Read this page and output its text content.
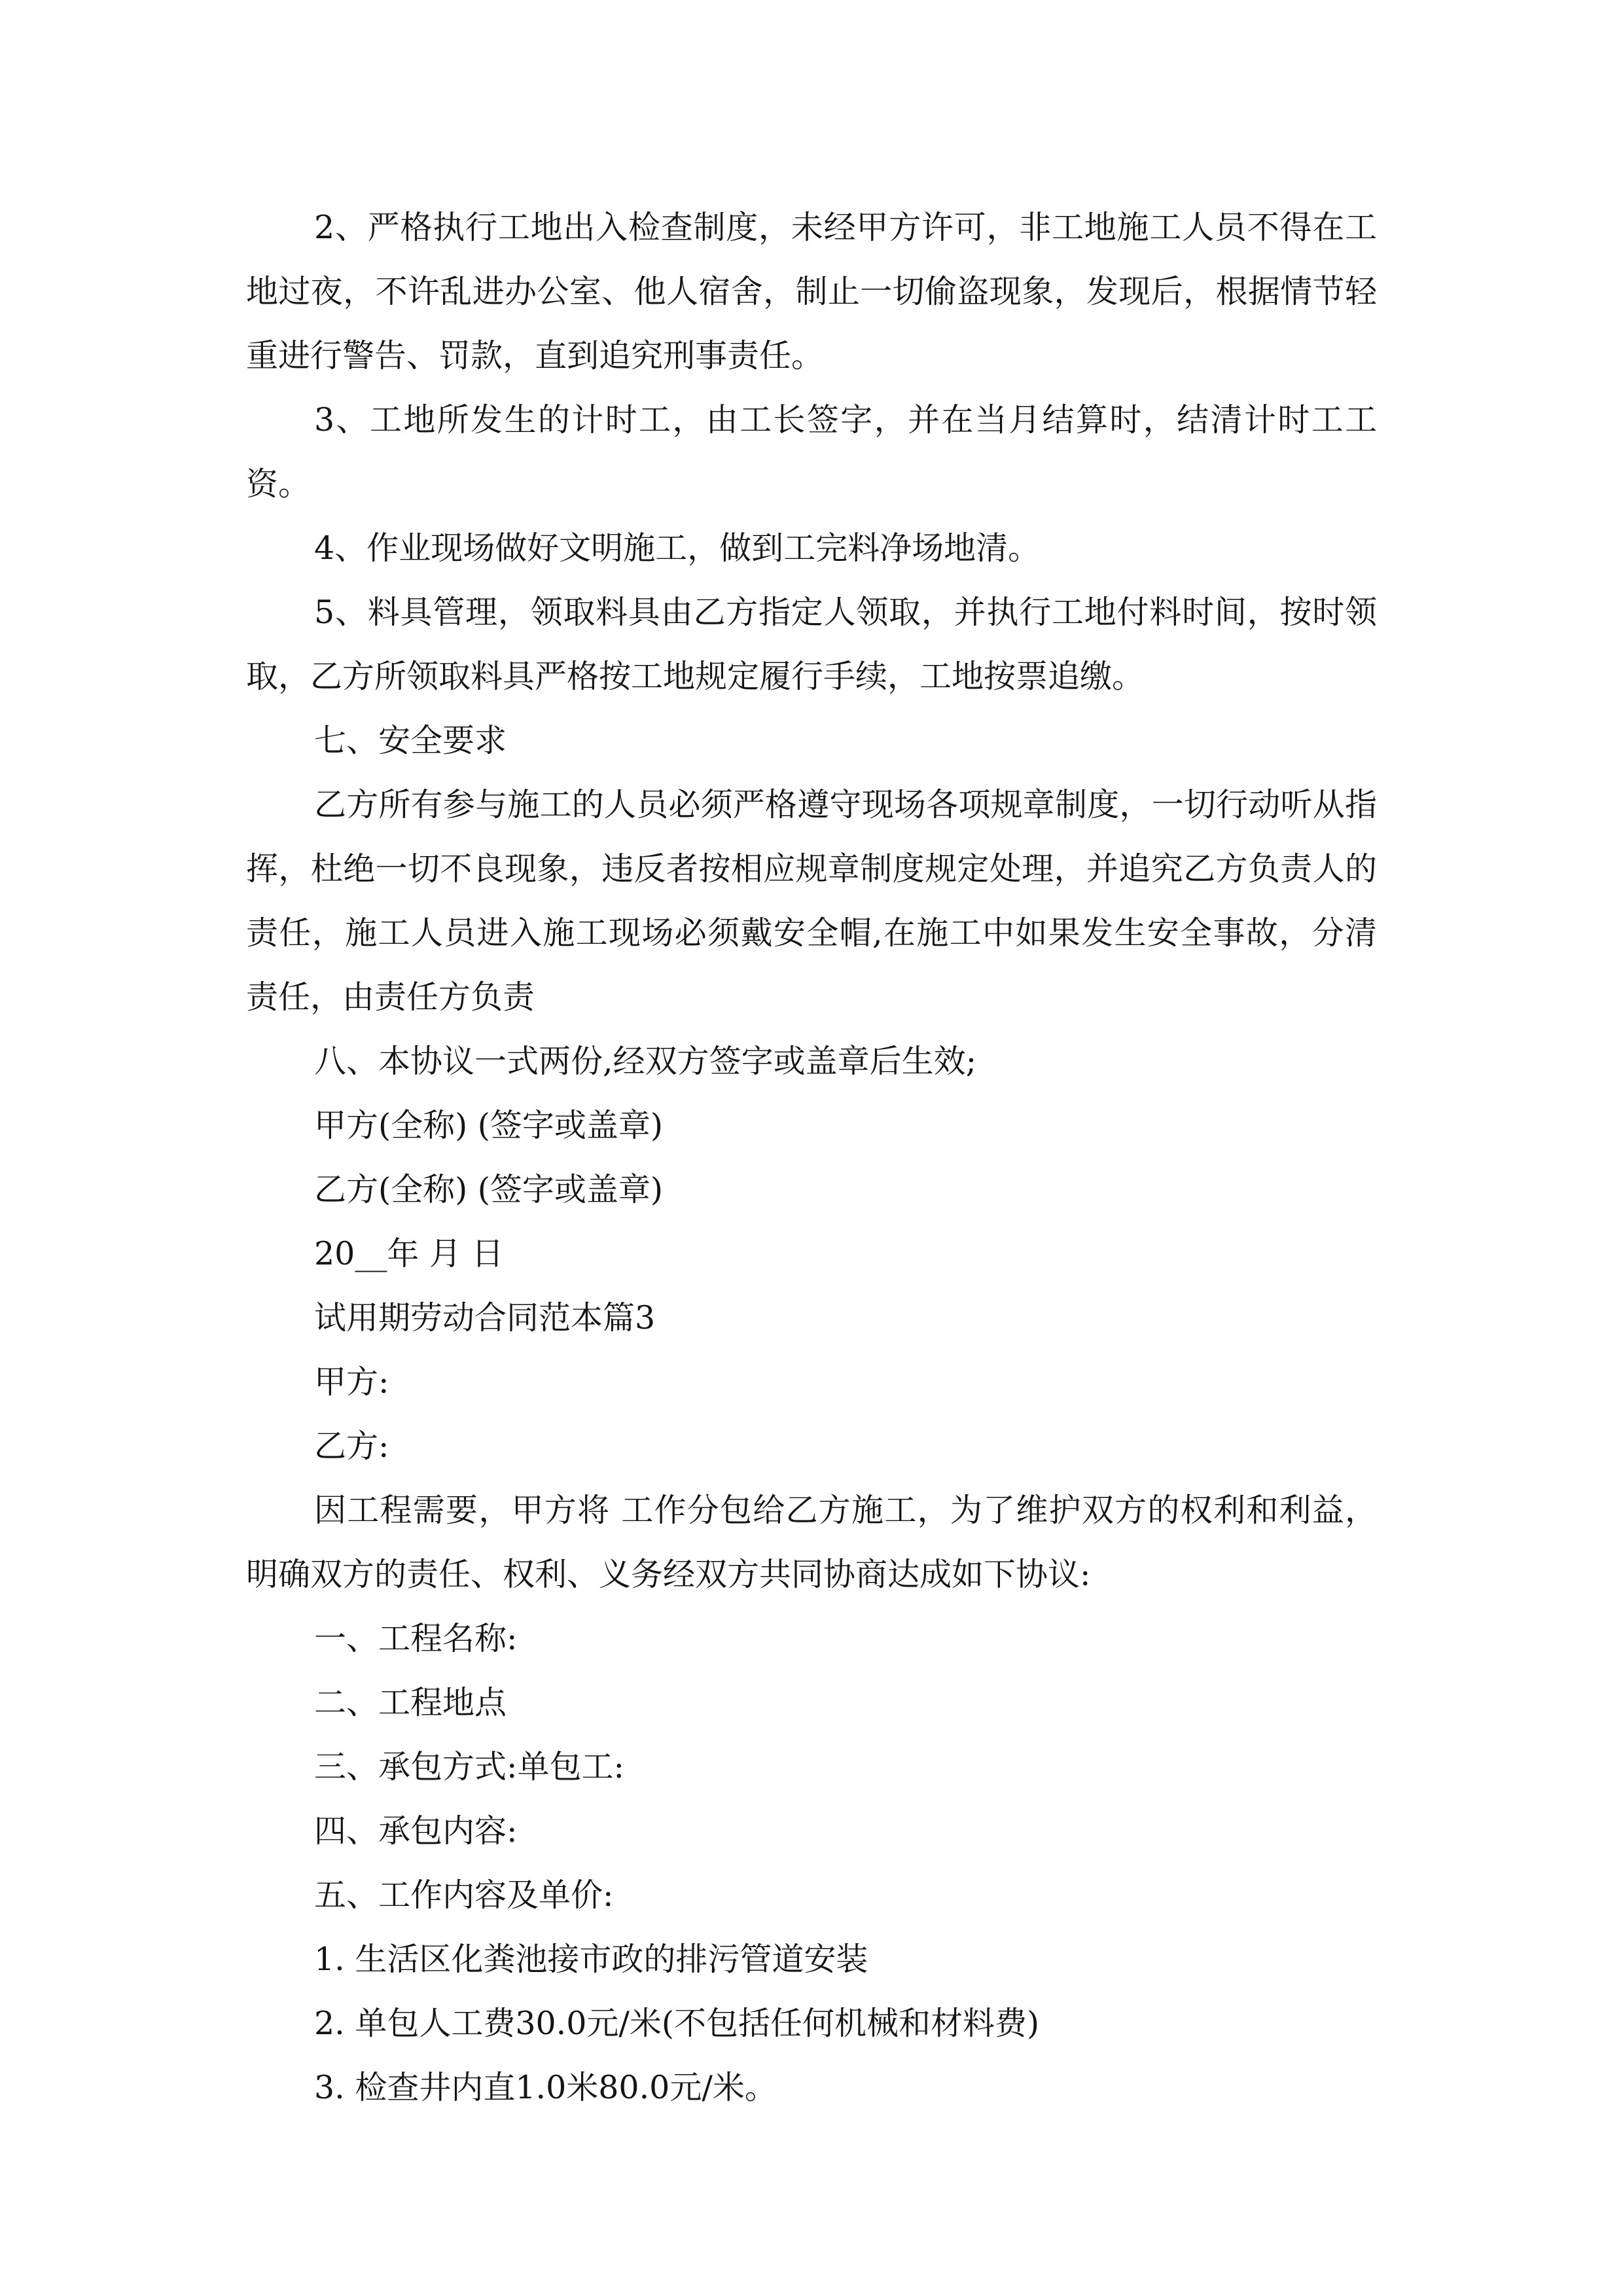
2、严格执行工地出入检查制度，未经甲方许可，非工地施工人员不得在工地过夜，不许乱进办公室、他人宿舍，制止一切偷盗现象，发现后，根据情节轻重进行警告、罚款，直到追究刑事责任。

3、工地所发生的计时工，由工长签字，并在当月结算时，结清计时工工资。

4、作业现场做好文明施工，做到工完料净场地清。

5、料具管理，领取料具由乙方指定人领取，并执行工地付料时间，按时领取，乙方所领取料具严格按工地规定履行手续，工地按票追缴。

七、安全要求

乙方所有参与施工的人员必须严格遵守现场各项规章制度，一切行动听从指挥，杜绝一切不良现象，违反者按相应规章制度规定处理，并追究乙方负责人的责任，施工人员进入施工现场必须戴安全帽,在施工中如果发生安全事故，分清责任，由责任方负责

八、本协议一式两份,经双方签字或盖章后生效;

甲方(全称) (签字或盖章)

乙方(全称) (签字或盖章)

20__年 月 日

试用期劳动合同范本篇3

甲方:

乙方:

因工程需要，甲方将 工作分包给乙方施工，为了维护双方的权利和利益，明确双方的责任、权利、义务经双方共同协商达成如下协议:

一、工程名称:

二、工程地点

三、承包方式:单包工:

四、承包内容:

五、工作内容及单价:

1. 生活区化粪池接市政的排污管道安装

2. 单包人工费30.0元/米(不包括任何机械和材料费)

3. 检查井内直1.0米80.0元/米。
